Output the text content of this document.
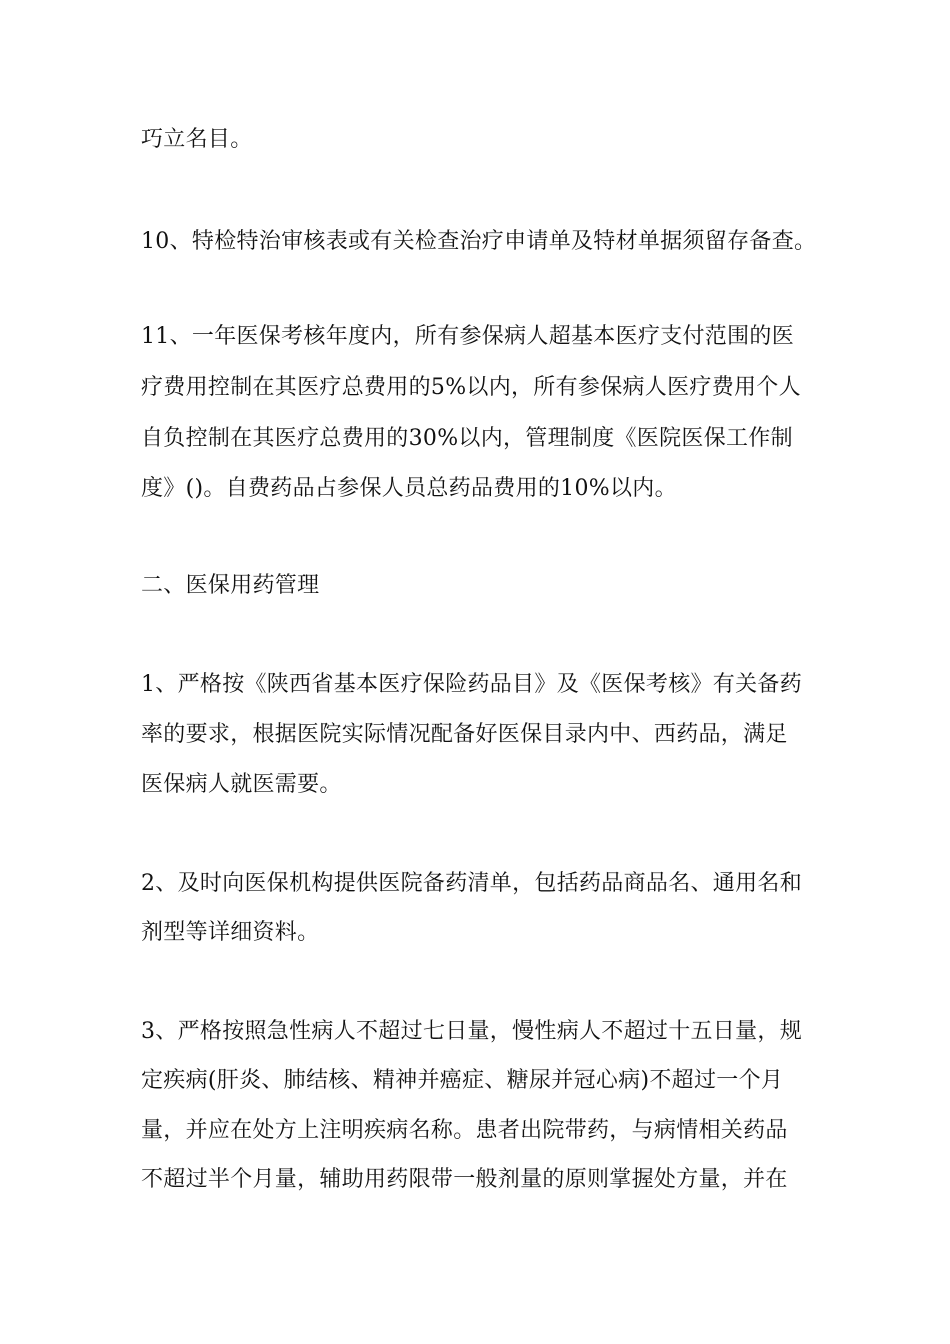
巧立名目。
10、特检特治审核表或有关检查治疗申请单及特材单据须留存备查。
11、一年医保考核年度内，所有参保病人超基本医疗支付范围的医
疗费用控制在其医疗总费用的5%以内，所有参保病人医疗费用个人
自负控制在其医疗总费用的30%以内，管理制度《医院医保工作制
度》()。自费药品占参保人员总药品费用的10%以内。
二、医保用药管理
1、严格按《陕西省基本医疗保险药品目》及《医保考核》有关备药
率的要求，根据医院实际情况配备好医保目录内中、西药品，满足
医保病人就医需要。
2、及时向医保机构提供医院备药清单，包括药品商品名、通用名和
剂型等详细资料。
3、严格按照急性病人不超过七日量，慢性病人不超过十五日量，规
定疾病(肝炎、肺结核、精神并癌症、糖尿并冠心病)不超过一个月
量，并应在处方上注明疾病名称。患者出院带药，与病情相关药品
不超过半个月量，辅助用药限带一般剂量的原则掌握处方量，并在
